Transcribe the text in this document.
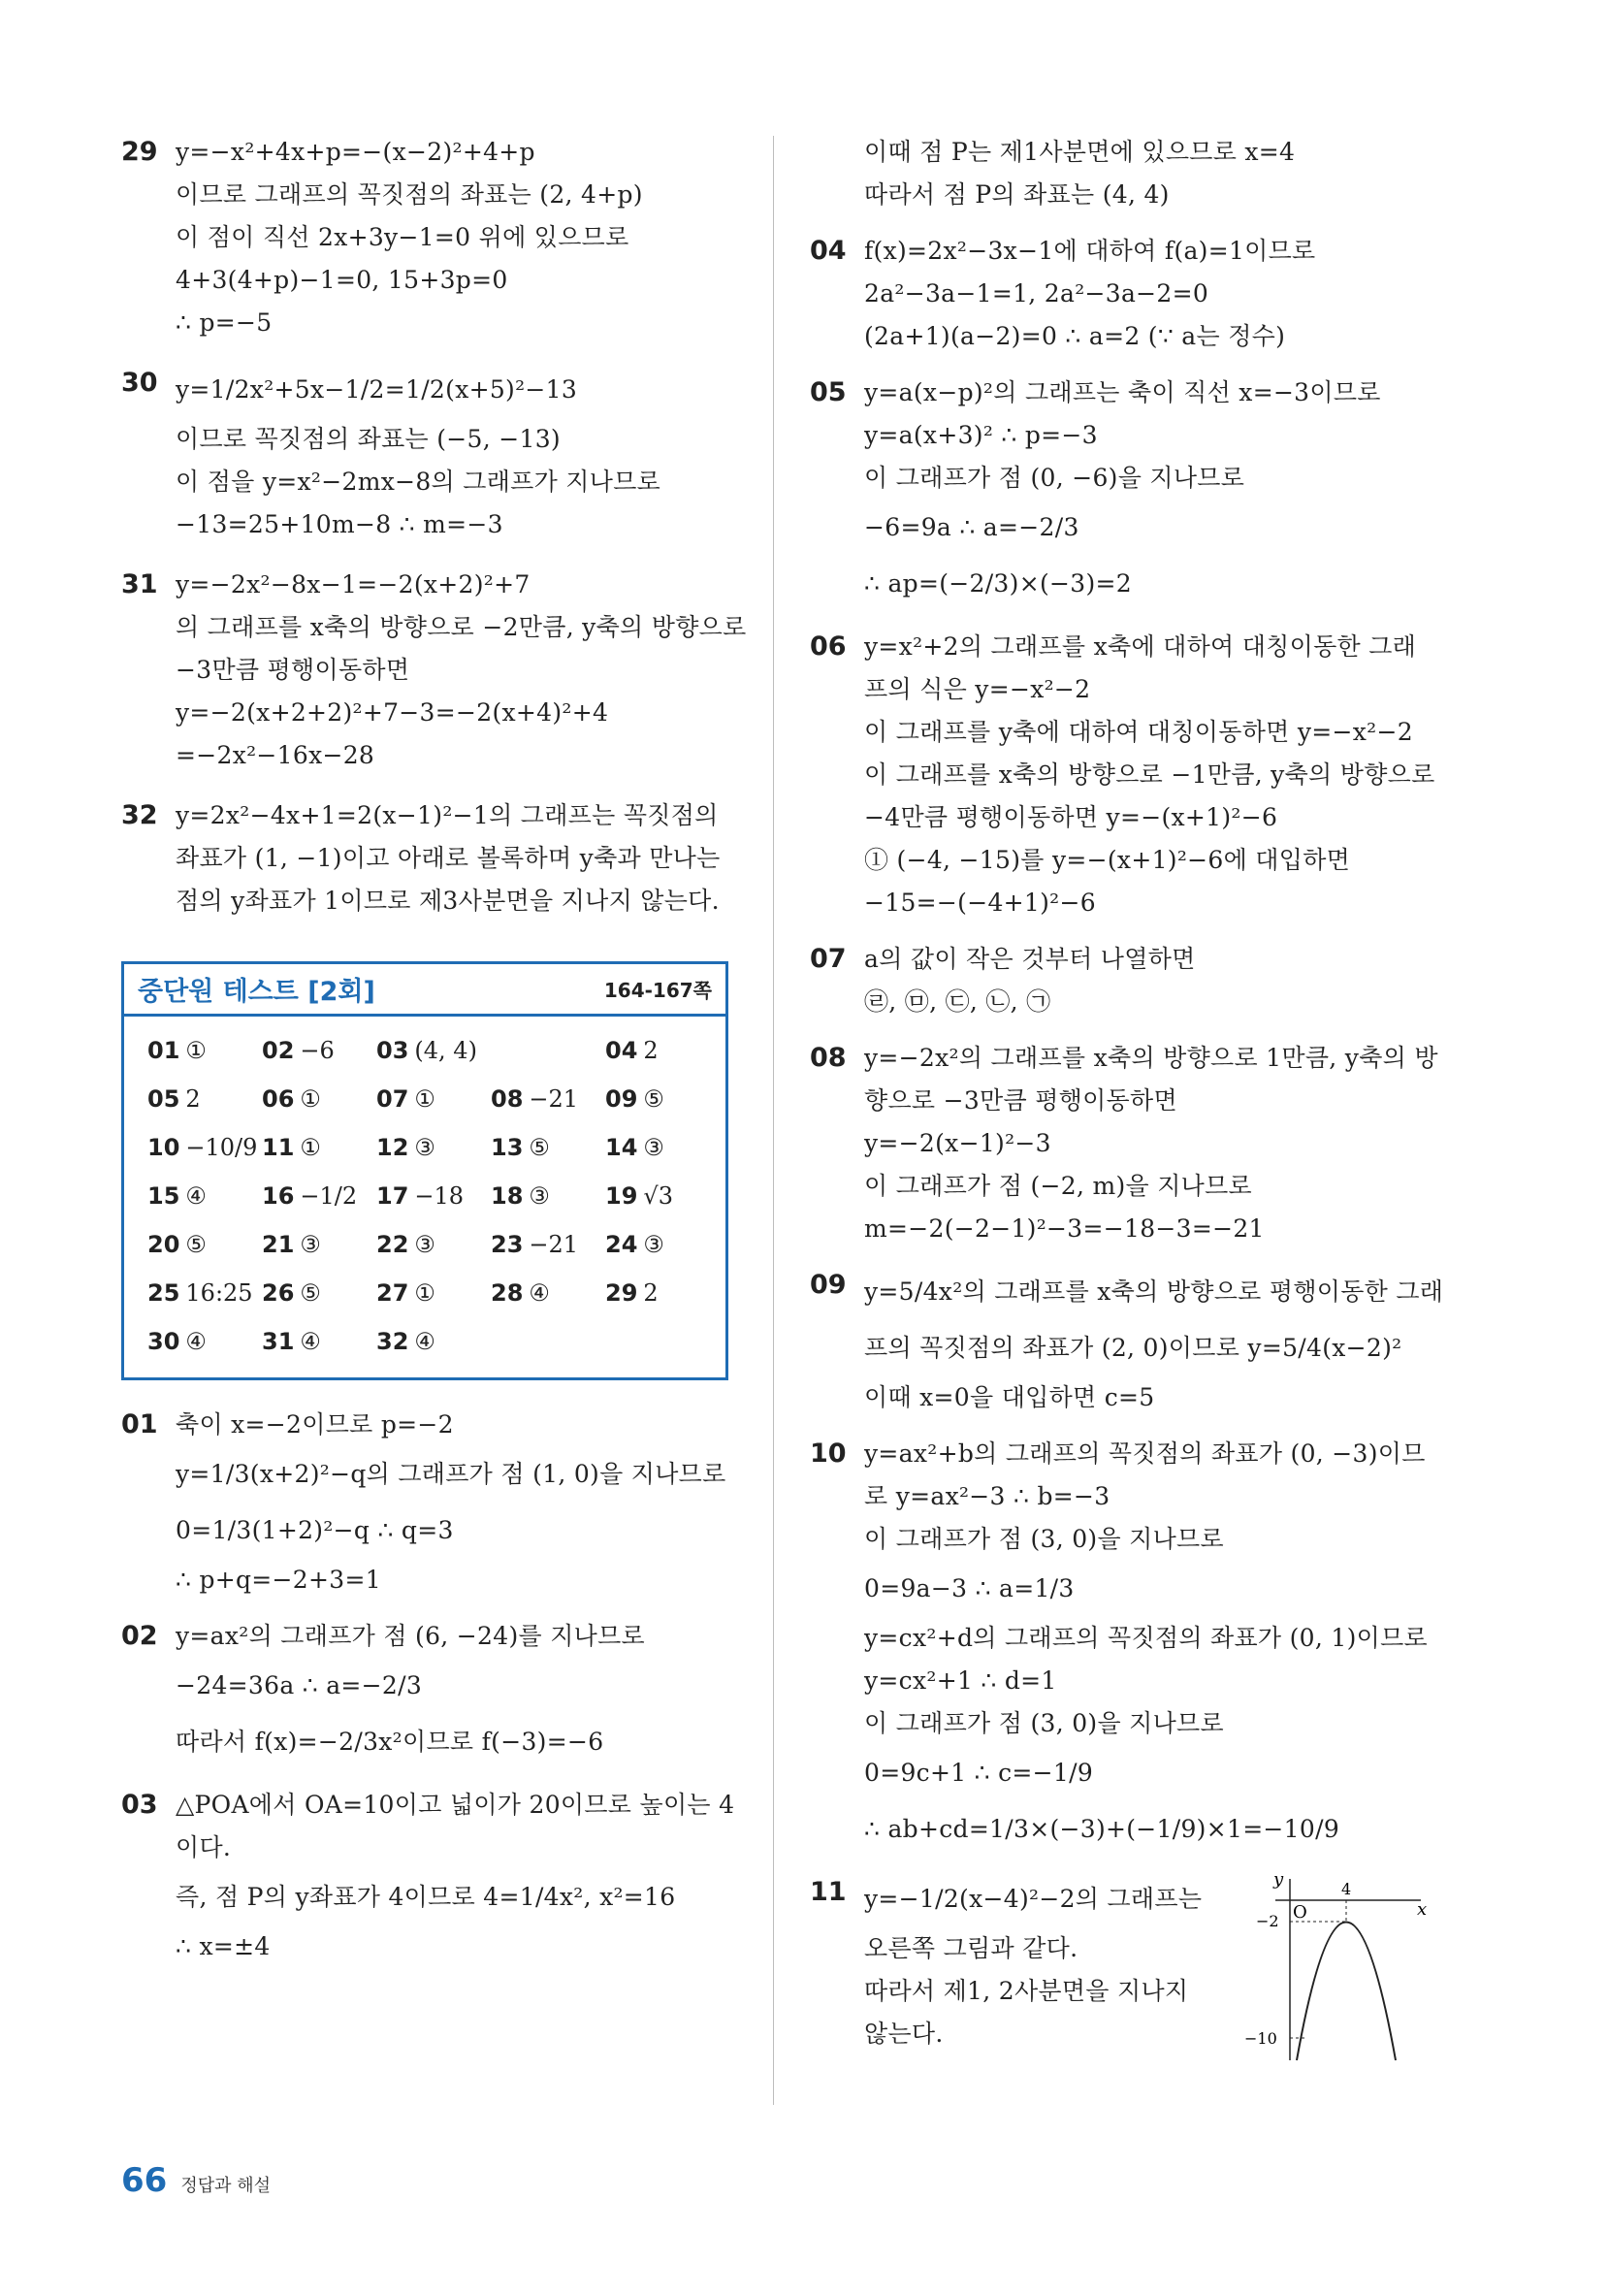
29 y=−x²+4x+p=−(x−2)²+4+p
이므로 그래프의 꼭짓점의 좌표는 (2, 4+p)
이 점이 직선 2x+3y−1=0 위에 있으므로
4+3(4+p)−1=0, 15+3p=0
∴ p=−5
30 y=1/2x²+5x−1/2=1/2(x+5)²−13
이므로 꼭짓점의 좌표는 (−5, −13)
이 점을 y=x²−2mx−8의 그래프가 지나므로
−13=25+10m−8 ∴ m=−3
31 y=−2x²−8x−1=−2(x+2)²+7
의 그래프를 x축의 방향으로 −2만큼, y축의 방향으로
−3만큼 평행이동하면
y=−2(x+2+2)²+7−3=−2(x+4)²+4
=−2x²−16x−28
32 y=2x²−4x+1=2(x−1)²−1의 그래프는 꼭짓점의
좌표가 (1, −1)이고 아래로 볼록하며 y축과 만나는
점의 y좌표가 1이므로 제3사분면을 지나지 않는다.
중단원 테스트 [2회]	164-167쪽
01 ①	02 −6	03 (4, 4)	04 2
05 2	06 ①	07 ①	08 −21	09 ⑤
10 −10/9 11 ①	12 ③	13 ⑤	14 ③
15 ④	16 −1/2 17 −18	18 ③	19 √3
20 ⑤	21 ③	22 ③	23 −21	24 ③
25 16:25 26 ⑤	27 ①	28 ④	29 2
30 ④	31 ④	32 ④
01 축이 x=−2이므로 p=−2
y=1/3(x+2)²−q의 그래프가 점 (1, 0)을 지나므로
0=1/3(1+2)²−q ∴ q=3
∴ p+q=−2+3=1
02 y=ax²의 그래프가 점 (6, −24)를 지나므로
−24=36a ∴ a=−2/3
따라서 f(x)=−2/3x²이므로 f(−3)=−6
03 △POA에서 OA=10이고 넓이가 20이므로 높이는 4
이다.
즉, 점 P의 y좌표가 4이므로 4=1/4x², x²=16
∴ x=±4
이때 점 P는 제1사분면에 있으므로 x=4
따라서 점 P의 좌표는 (4, 4)
04 f(x)=2x²−3x−1에 대하여 f(a)=1이므로
2a²−3a−1=1, 2a²−3a−2=0
(2a+1)(a−2)=0 ∴ a=2 (∵ a는 정수)
05 y=a(x−p)²의 그래프는 축이 직선 x=−3이므로
y=a(x+3)² ∴ p=−3
이 그래프가 점 (0, −6)을 지나므로
−6=9a ∴ a=−2/3
∴ ap=(−2/3)×(−3)=2
06 y=x²+2의 그래프를 x축에 대하여 대칭이동한 그래
프의 식은 y=−x²−2
이 그래프를 y축에 대하여 대칭이동하면 y=−x²−2
이 그래프를 x축의 방향으로 −1만큼, y축의 방향으로
−4만큼 평행이동하면 y=−(x+1)²−6
① (−4, −15)를 y=−(x+1)²−6에 대입하면
−15=−(−4+1)²−6
07 a의 값이 작은 것부터 나열하면
㉣, ㉤, ㉢, ㉡, ㉠
08 y=−2x²의 그래프를 x축의 방향으로 1만큼, y축의 방
향으로 −3만큼 평행이동하면
y=−2(x−1)²−3
이 그래프가 점 (−2, m)을 지나므로
m=−2(−2−1)²−3=−18−3=−21
09 y=5/4x²의 그래프를 x축의 방향으로 평행이동한 그래
프의 꼭짓점의 좌표가 (2, 0)이므로 y=5/4(x−2)²
이때 x=0을 대입하면 c=5
10 y=ax²+b의 그래프의 꼭짓점의 좌표가 (0, −3)이므
로 y=ax²−3 ∴ b=−3
이 그래프가 점 (3, 0)을 지나므로
0=9a−3 ∴ a=1/3
y=cx²+d의 그래프의 꼭짓점의 좌표가 (0, 1)이므로
y=cx²+1 ∴ d=1
이 그래프가 점 (3, 0)을 지나므로
0=9c+1 ∴ c=−1/9
∴ ab+cd=1/3×(−3)+(−1/9)×1=−10/9
11 y=−1/2(x−4)²−2의 그래프는
오른쪽 그림과 같다.
따라서 제1, 2사분면을 지나지
않는다.
x
y
O
4
−2
−10
66 정답과 해설
